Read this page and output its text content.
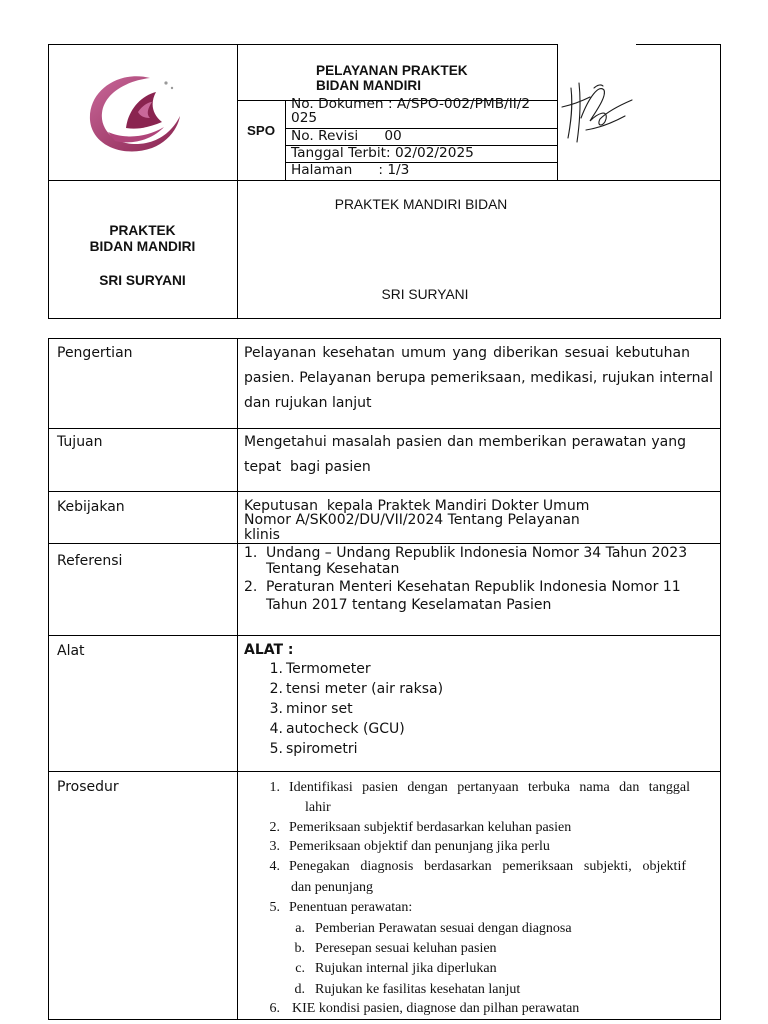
PELAYANAN PRAKTEK
BIDAN MANDIRI
SPO
No. Dokumen : A/SPO-002/PMB/II/2
025
No. Revisi      00
Tanggal Terbit: 02/02/2025
Halaman      : 1/3
PRAKTEK
BIDAN MANDIRI
SRI SURYANI
PRAKTEK MANDIRI BIDAN
SRI SURYANI
Pengertian	Pelayanan kesehatan umum yang diberikan sesuai kebutuhan
pasien. Pelayanan berupa pemeriksaan, medikasi, rujukan internal
dan rujukan lanjut
Tujuan	Mengetahui masalah pasien dan memberikan perawatan yang
tepat  bagi pasien
Kebijakan	Keputusan  kepala Praktek Mandiri Dokter Umum
Nomor A/SK002/DU/VII/2024 Tentang Pelayanan
klinis
Referensi	1. Undang – Undang Republik Indonesia Nomor 34 Tahun 2023
Tentang Kesehatan
2. Peraturan Menteri Kesehatan Republik Indonesia Nomor 11
Tahun 2017 tentang Keselamatan Pasien
Alat	ALAT :
1. Termometer
2. tensi meter (air raksa)
3. minor set
4. autocheck (GCU)
5. spirometri
Prosedur	1. Identifikasi pasien dengan pertanyaan terbuka nama dan tanggal
lahir
2. Pemeriksaan subjektif berdasarkan keluhan pasien
3. Pemeriksaan objektif dan penunjang jika perlu
4. Penegakan diagnosis berdasarkan pemeriksaan subjekti, objektif
dan penunjang
5. Penentuan perawatan:
a. Pemberian Perawatan sesuai dengan diagnosa
b. Peresepan sesuai keluhan pasien
c. Rujukan internal jika diperlukan
d. Rujukan ke fasilitas kesehatan lanjut
6. KIE kondisi pasien, diagnose dan pilhan perawatan
